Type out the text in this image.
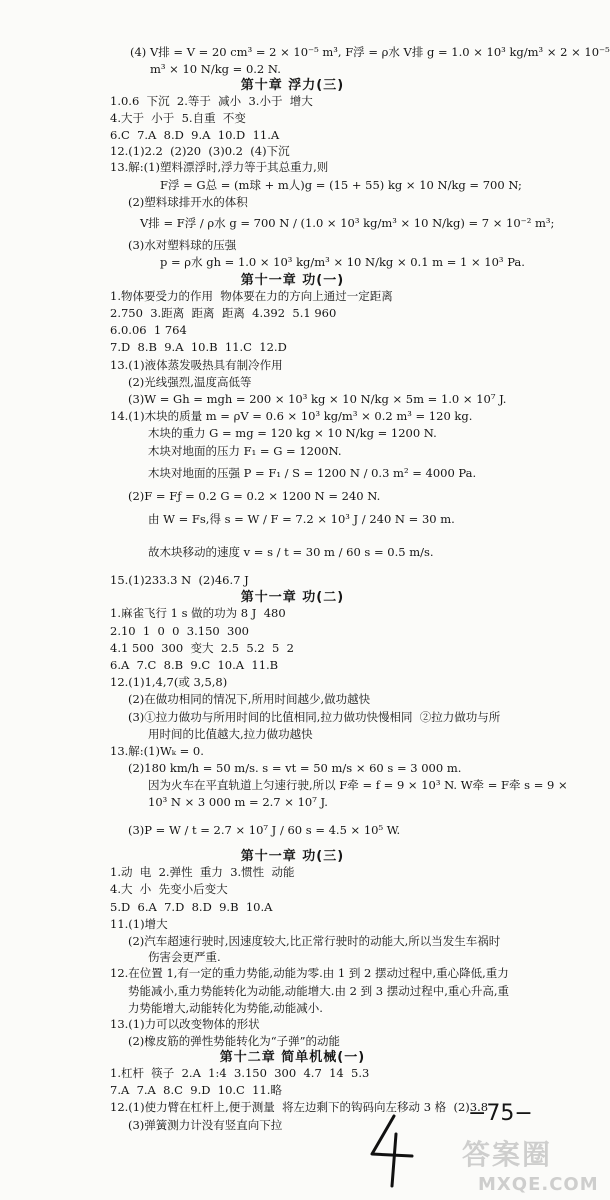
(4) V排 = V = 20 cm³ = 2 × 10⁻⁵ m³, F浮 = ρ水 V排 g = 1.0 × 10³ kg/m³ × 2 × 10⁻⁵
m³ × 10 N/kg = 0.2 N.
第十章 浮力(三)
1.0.6  下沉  2.等于  减小  3.小于  增大
4.大于  小于  5.自重  不变
6.C  7.A  8.D  9.A  10.D  11.A
12.(1)2.2  (2)20  (3)0.2  (4)下沉
13.解:(1)塑料漂浮时,浮力等于其总重力,则
F浮 = G总 = (m球 + m人)g = (15 + 55) kg × 10 N/kg = 700 N;
(2)塑料球排开水的体积
V排 = F浮 / ρ水 g = 700 N / (1.0 × 10³ kg/m³ × 10 N/kg) = 7 × 10⁻² m³;
(3)水对塑料球的压强
p = ρ水 gh = 1.0 × 10³ kg/m³ × 10 N/kg × 0.1 m = 1 × 10³ Pa.
第十一章 功(一)
1.物体要受力的作用  物体要在力的方向上通过一定距离
2.750  3.距离  距离  距离  4.392  5.1 960
6.0.06  1 764
7.D  8.B  9.A  10.B  11.C  12.D
13.(1)液体蒸发吸热具有制冷作用
(2)光线强烈,温度高低等
(3)W = Gh = mgh = 200 × 10³ kg × 10 N/kg × 5m = 1.0 × 10⁷ J.
14.(1)木块的质量 m = ρV = 0.6 × 10³ kg/m³ × 0.2 m³ = 120 kg.
木块的重力 G = mg = 120 kg × 10 N/kg = 1200 N.
木块对地面的压力 F₁ = G = 1200N.
木块对地面的压强 P = F₁ / S = 1200 N / 0.3 m² = 4000 Pa.
(2)F = Fƒ = 0.2 G = 0.2 × 1200 N = 240 N.
由 W = Fs,得 s = W / F = 7.2 × 10³ J / 240 N = 30 m.
故木块移动的速度 v = s / t = 30 m / 60 s = 0.5 m/s.
15.(1)233.3 N  (2)46.7 J
第十一章 功(二)
1.麻雀飞行 1 s 做的功为 8 J  480
2.10  1  0  0  3.150  300
4.1 500  300  变大  2.5  5.2  5  2
6.A  7.C  8.B  9.C  10.A  11.B
12.(1)1,4,7(或 3,5,8)
(2)在做功相同的情况下,所用时间越少,做功越快
(3)①拉力做功与所用时间的比值相同,拉力做功快慢相同  ②拉力做功与所
用时间的比值越大,拉力做功越快
13.解:(1)Wₖ = 0.
(2)180 km/h = 50 m/s. s = vt = 50 m/s × 60 s = 3 000 m.
因为火车在平直轨道上匀速行驶,所以 F牵 = f = 9 × 10³ N. W牵 = F牵 s = 9 ×
10³ N × 3 000 m = 2.7 × 10⁷ J.
(3)P = W / t = 2.7 × 10⁷ J / 60 s = 4.5 × 10⁵ W.
第十一章 功(三)
1.动  电  2.弹性  重力  3.惯性  动能
4.大  小  先变小后变大
5.D  6.A  7.D  8.D  9.B  10.A
11.(1)增大
(2)汽车超速行驶时,因速度较大,比正常行驶时的动能大,所以当发生车祸时
伤害会更严重.
12.在位置 1,有一定的重力势能,动能为零.由 1 到 2 摆动过程中,重心降低,重力
势能减小,重力势能转化为动能,动能增大.由 2 到 3 摆动过程中,重心升高,重
力势能增大,动能转化为势能,动能减小.
13.(1)力可以改变物体的形状
(2)橡皮筋的弹性势能转化为“子弹”的动能
第十二章 简单机械(一)
1.杠杆  筷子  2.A  1:4  3.150  300  4.7  14  5.3
7.A  7.A  8.C  9.D  10.C  11.略
12.(1)使力臂在杠杆上,便于测量  将左边剩下的钩码向左移动 3 格  (2)3.8
(3)弹簧测力计没有竖直向下拉	−75−
答案圈
MXQE.COM
